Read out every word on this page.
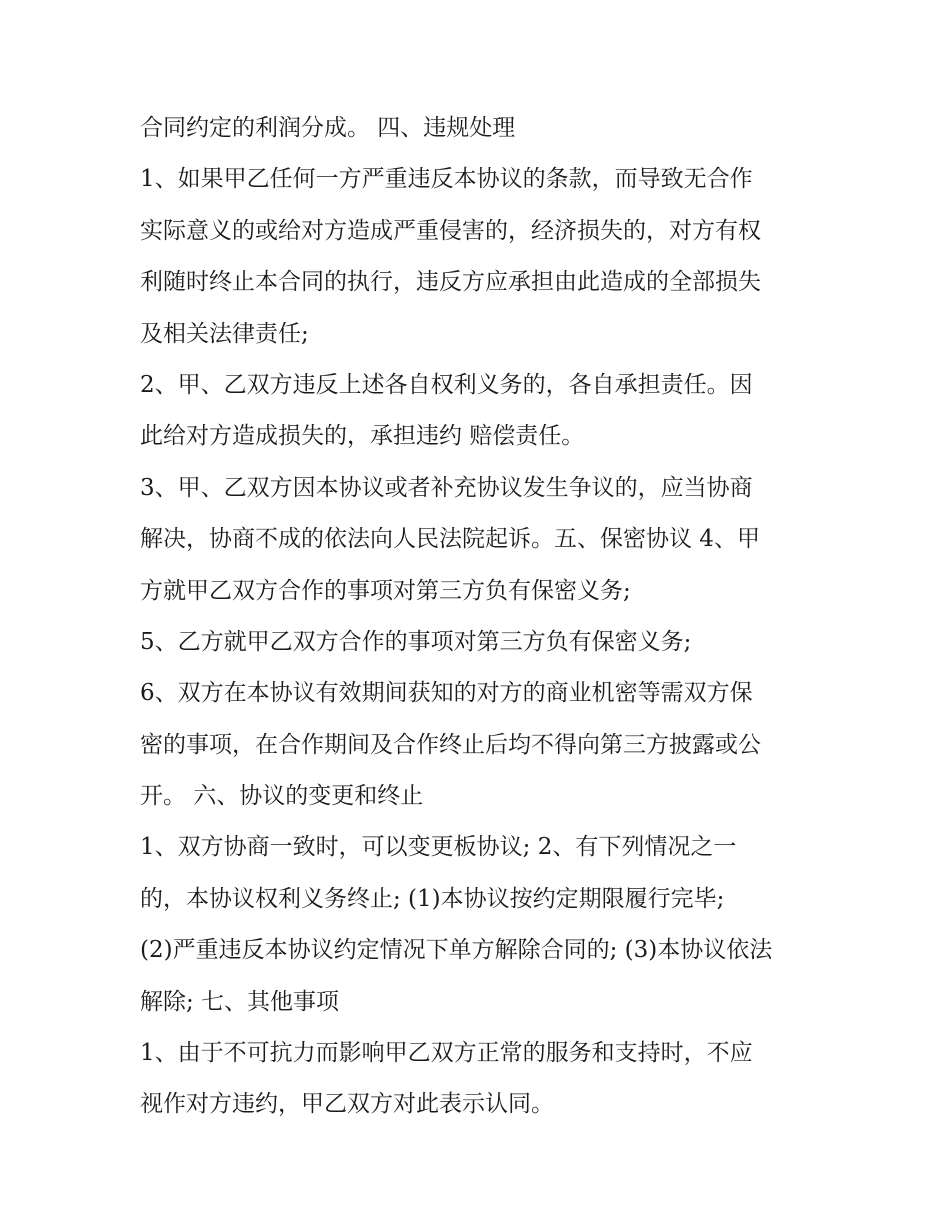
合同约定的利润分成。 四、违规处理
1、如果甲乙任何一方严重违反本协议的条款，而导致无合作
实际意义的或给对方造成严重侵害的，经济损失的，对方有权
利随时终止本合同的执行，违反方应承担由此造成的全部损失
及相关法律责任;
2、甲、乙双方违反上述各自权利义务的，各自承担责任。因
此给对方造成损失的，承担违约 赔偿责任。
3、甲、乙双方因本协议或者补充协议发生争议的，应当协商
解决，协商不成的依法向人民法院起诉。五、保密协议 4、甲
方就甲乙双方合作的事项对第三方负有保密义务;
5、乙方就甲乙双方合作的事项对第三方负有保密义务;
6、双方在本协议有效期间获知的对方的商业机密等需双方保
密的事项，在合作期间及合作终止后均不得向第三方披露或公
开。 六、协议的变更和终止
1、双方协商一致时，可以变更板协议; 2、有下列情况之一
的，本协议权利义务终止; (1)本协议按约定期限履行完毕;
(2)严重违反本协议约定情况下单方解除合同的; (3)本协议依法
解除; 七、其他事项
1、由于不可抗力而影响甲乙双方正常的服务和支持时，不应
视作对方违约，甲乙双方对此表示认同。
